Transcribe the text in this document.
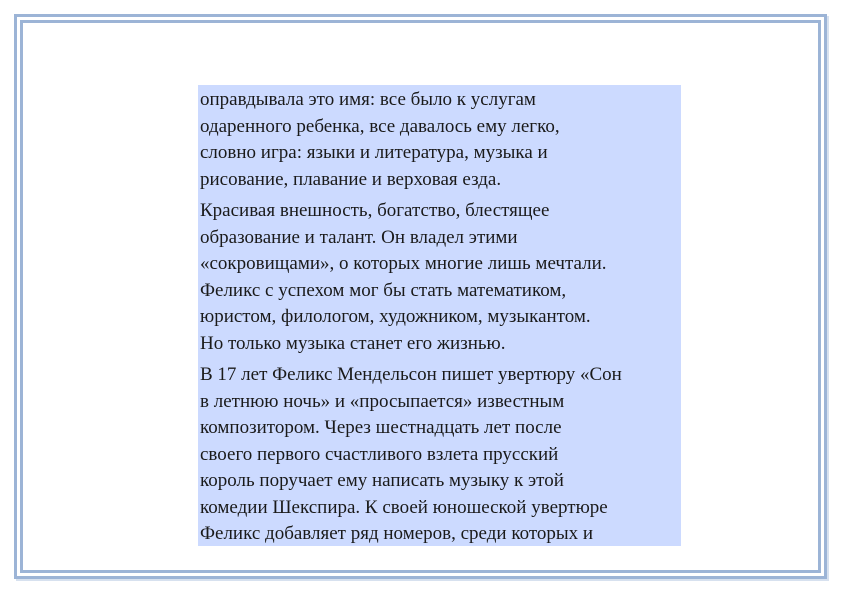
оправдывала это имя: все было к услугам
одаренного ребенка, все давалось ему легко,
словно игра: языки и литература, музыка и
рисование, плавание и верховая езда.

Красивая внешность, богатство, блестящее
образование и талант. Он владел этими
«сокровищами», о которых многие лишь мечтали.
Феликс с успехом мог бы стать математиком,
юристом, филологом, художником, музыкантом.
Но только музыка станет его жизнью.

В 17 лет Феликс Мендельсон пишет увертюру «Сон
в летнюю ночь» и «просыпается» известным
композитором. Через шестнадцать лет после
своего первого счастливого взлета прусский
король поручает ему написать музыку к этой
комедии Шекспира. К своей юношеской увертюре
Феликс добавляет ряд номеров, среди которых и
